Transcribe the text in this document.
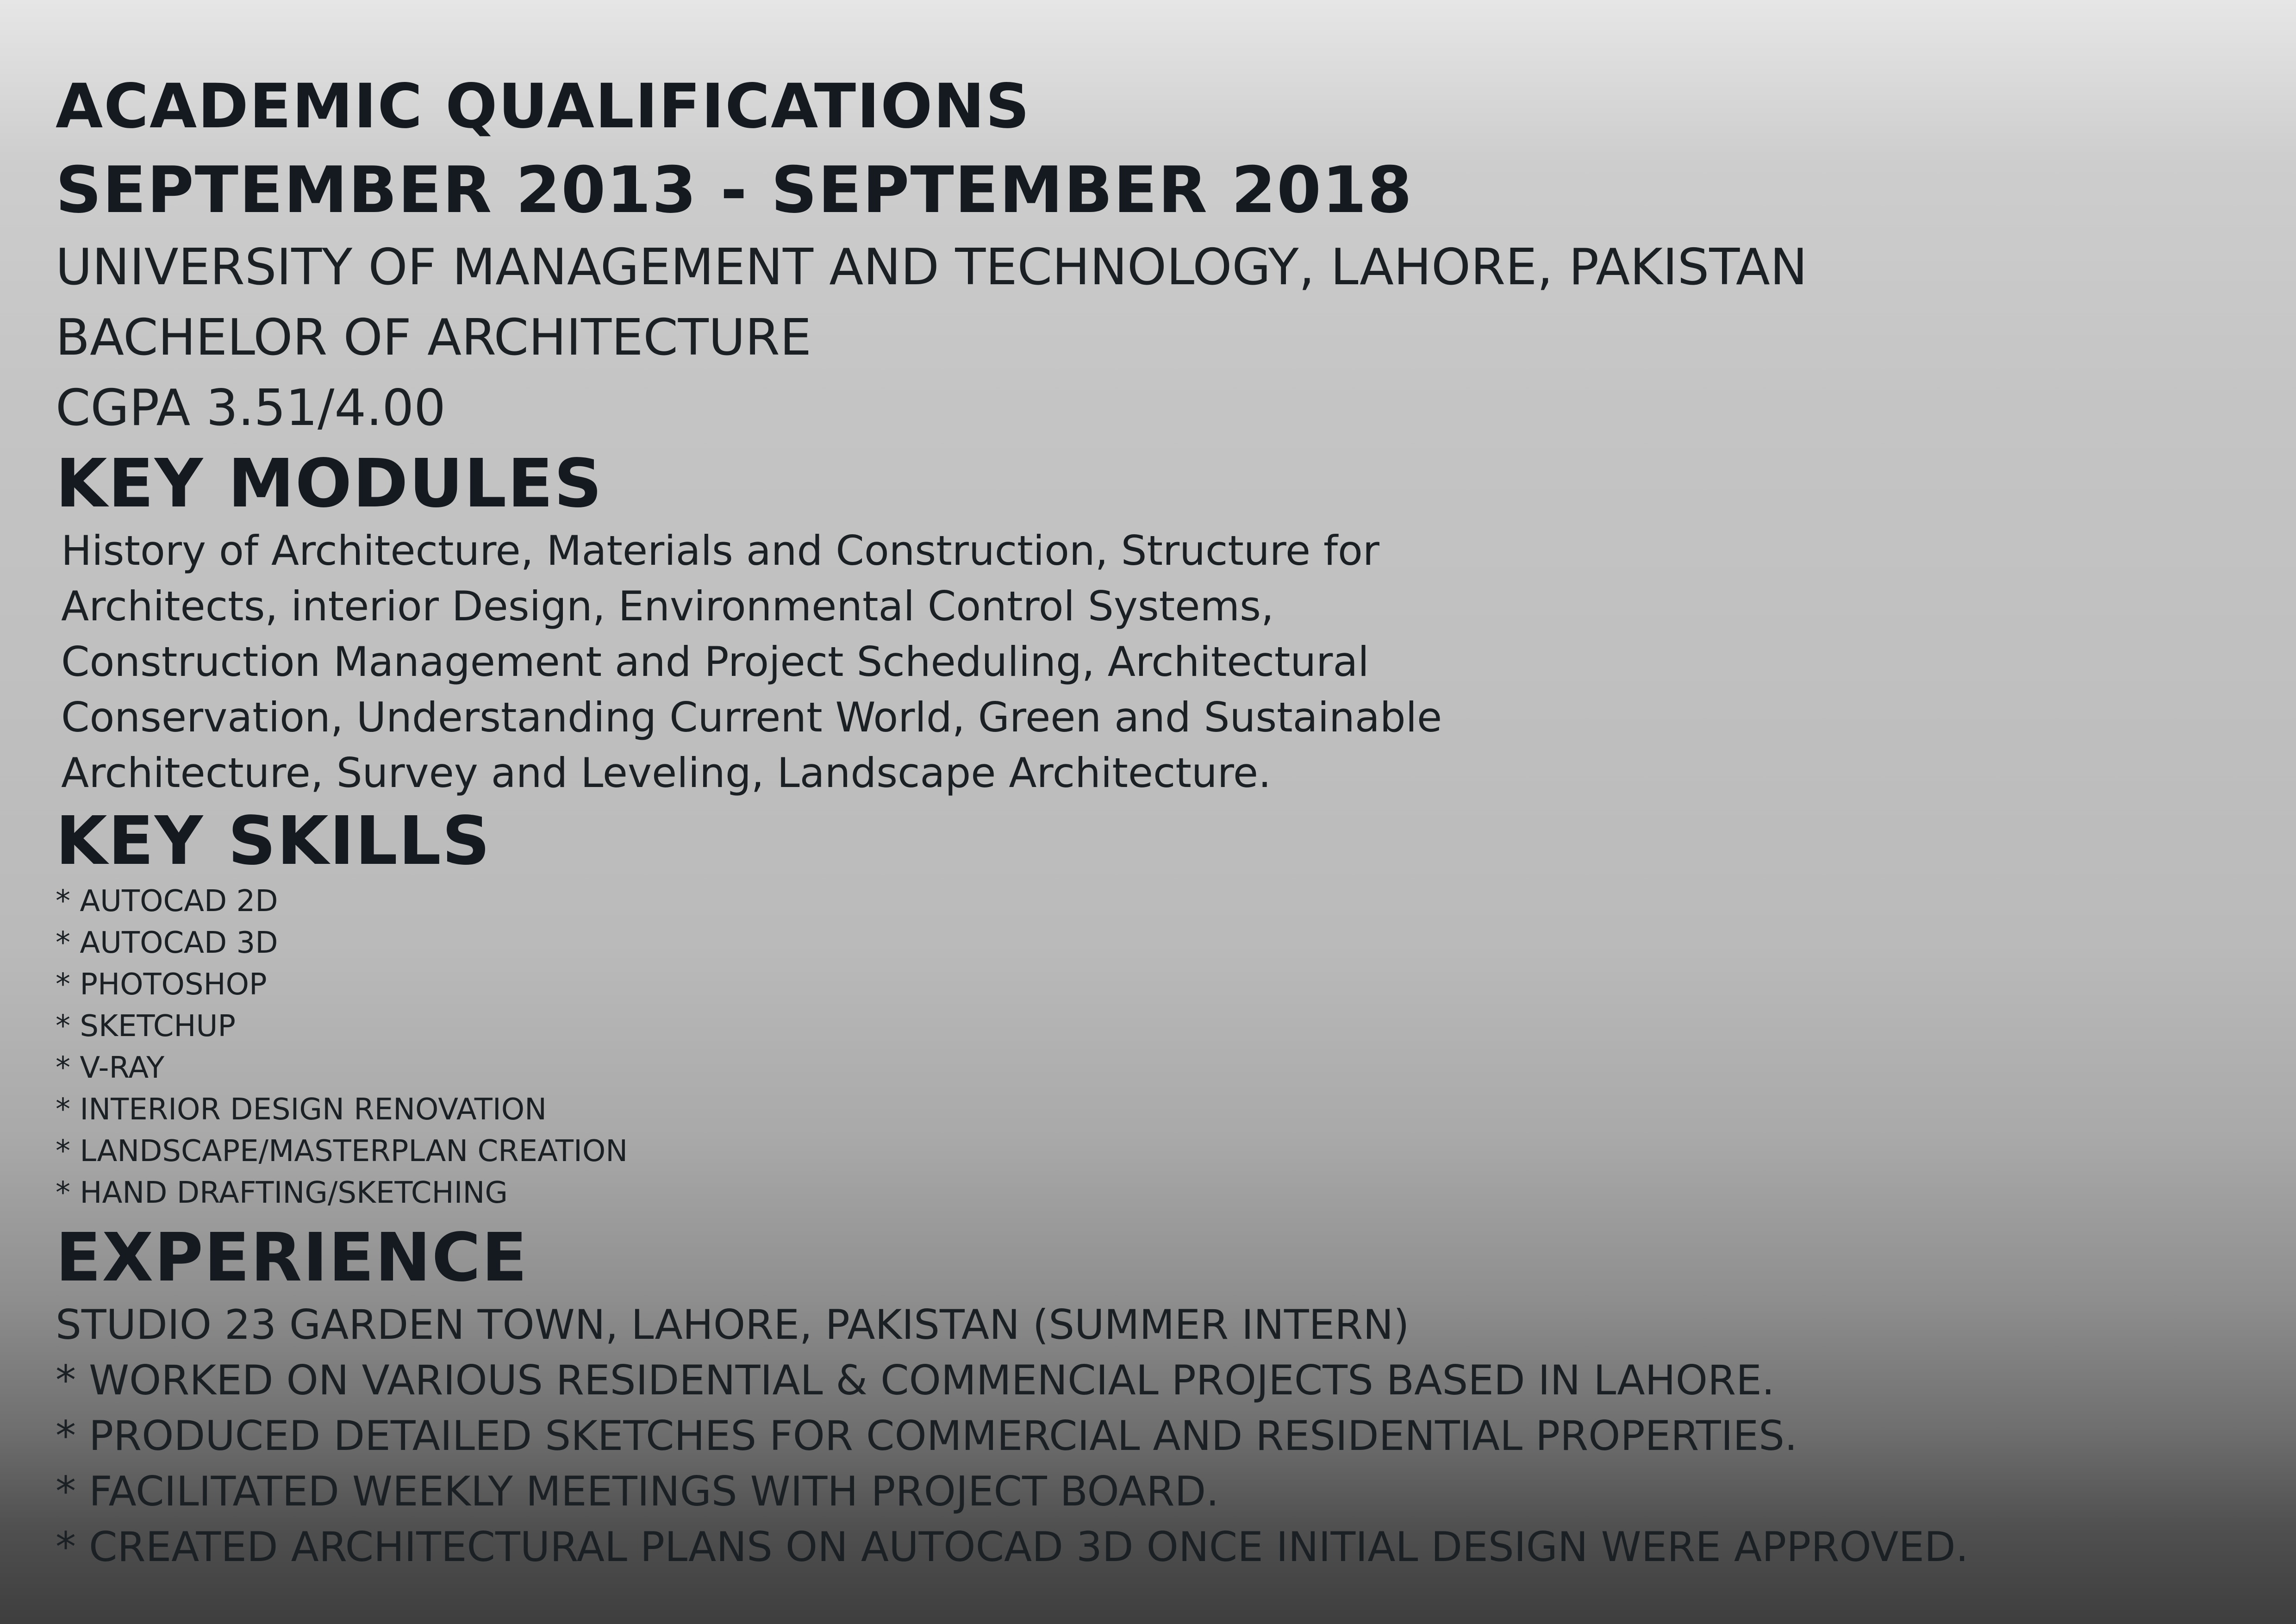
ACADEMIC QUALIFICATIONS
SEPTEMBER 2013 - SEPTEMBER 2018

UNIVERSITY OF MANAGEMENT AND TECHNOLOGY, LAHORE, PAKISTAN

BACHELOR OF ARCHITECTURE

CGPA 3.51/4.00

KEY MODULES

History of Architecture, Materials and Construction, Structure for

Architects, interior Design, Environmental Control Systems,

Construction Management and Project Scheduling, Architectural

Conservation, Understanding Current World, Green and Sustainable

Architecture, Survey and Leveling, Landscape Architecture.

KEY SKILLS

* AUTOCAD 2D

* AUTOCAD 3D

* PHOTOSHOP

* SKETCHUP

* V-RAY

* INTERIOR DESIGN RENOVATION

* LANDSCAPE/MASTERPLAN CREATION

* HAND DRAFTING/SKETCHING

EXPERIENCE

STUDIO 23 GARDEN TOWN, LAHORE, PAKISTAN (SUMMER INTERN)

* WORKED ON VARIOUS RESIDENTIAL & COMMENCIAL PROJECTS BASED IN LAHORE.

* PRODUCED DETAILED SKETCHES FOR COMMERCIAL AND RESIDENTIAL PROPERTIES.

* FACILITATED WEEKLY MEETINGS WITH PROJECT BOARD.

* CREATED ARCHITECTURAL PLANS ON AUTOCAD 3D ONCE INITIAL DESIGN WERE APPROVED.
